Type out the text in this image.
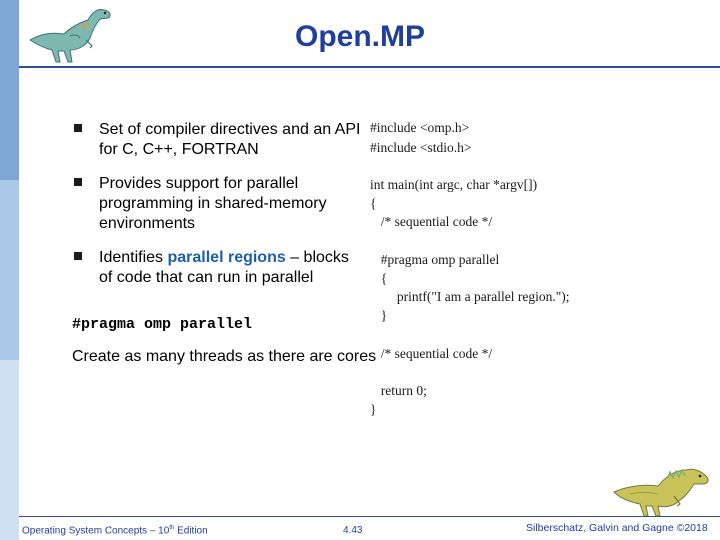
Open.MP
Set of compiler directives and an API for C, C++, FORTRAN
Provides support for parallel programming in shared-memory environments
Identifies parallel regions – blocks of code that can run in parallel

#pragma omp parallel

Create as many threads as there are cores

#include <omp.h>

#include <stdio.h>

int main(int argc, char *argv[])

{

/* sequential code */

#pragma omp parallel

{

printf("I am a parallel region.");

}

/* sequential code */

return 0;

}

Operating System Concepts – 10th Edition	4.43	Silberschatz, Galvin and Gagne ©2018
